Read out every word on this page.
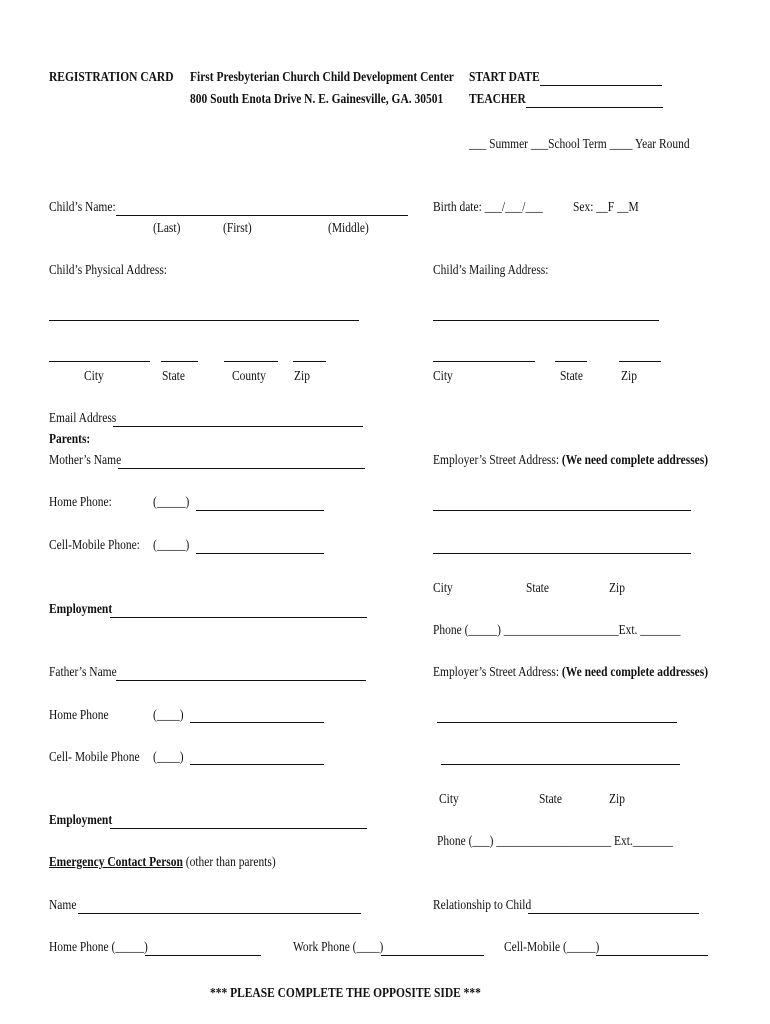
REGISTRATION CARD First Presbyterian Church Child Development Center
800 South Enota Drive N. E. Gainesville, GA. 30501
START DATE
TEACHER
___ Summer ___School Term ____ Year Round
Child’s Name:
(Last)	(First)	(Middle)
Birth date: ___/___/___ Sex: __F __M
Child’s Physical Address:	Child’s Mailing Address:
City	State	County Zip	City	State	Zip
Email Address
Parents:
Mother’s Name	Employer’s Street Address: (We need complete addresses)
Home Phone:	(_____)
Cell-Mobile Phone: (_____)
City	State	Zip
Employment
Phone (_____) ____________________Ext. _______
Father’s Name	Employer’s Street Address: (We need complete addresses)
Home Phone	(____)
Cell- Mobile Phone (____)
City	State	Zip
Employment
Phone (___) ____________________ Ext._______
Emergency Contact Person (other than parents)
Name	Relationship to Child
Home Phone (_____)	Work Phone (____)	Cell-Mobile (_____)
*** PLEASE COMPLETE THE OPPOSITE SIDE ***
